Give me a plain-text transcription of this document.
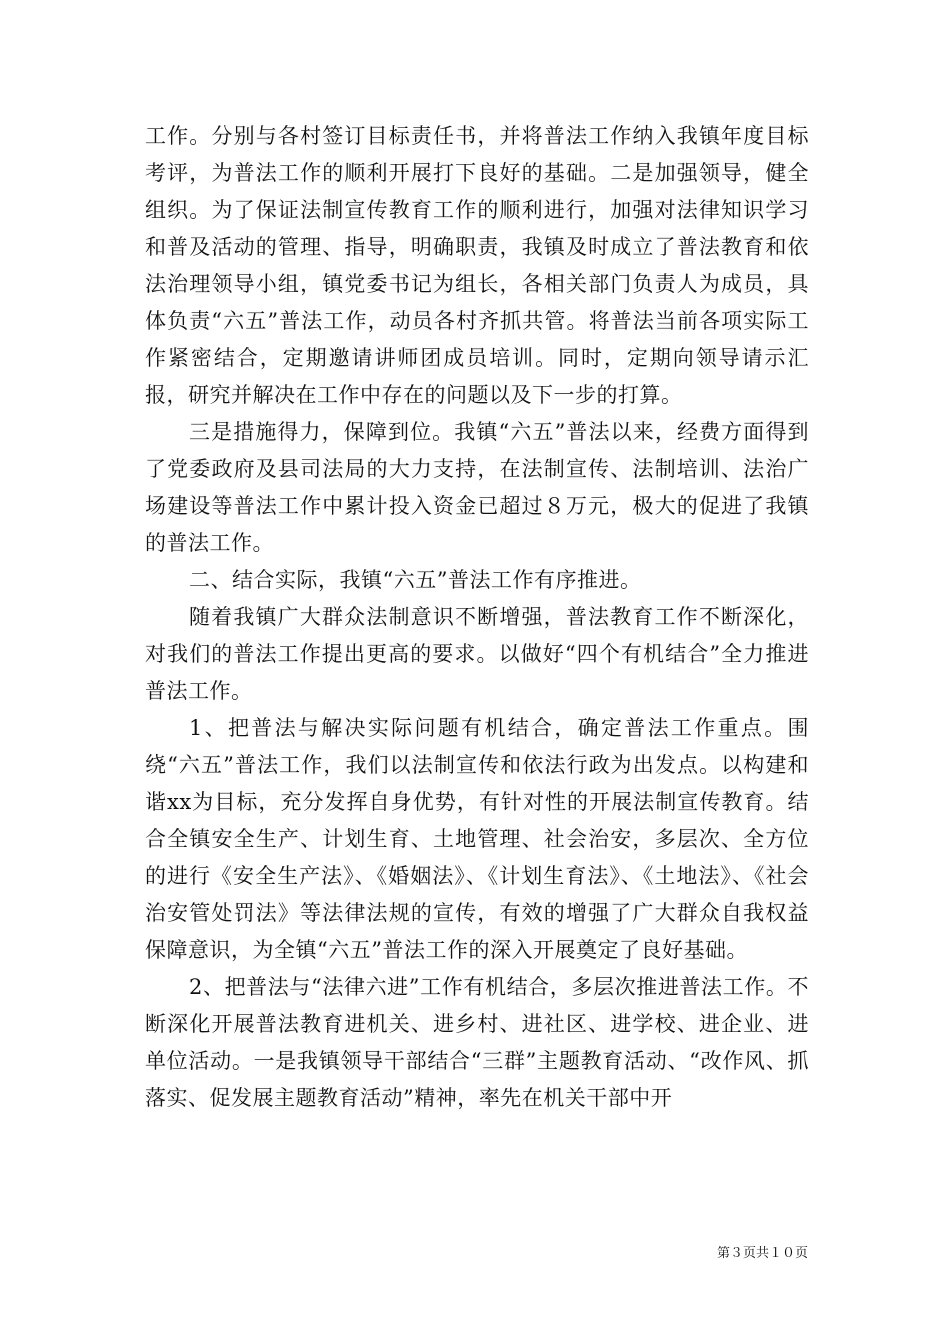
工作。分别与各村签订目标责任书，并将普法工作纳入我镇年度目标考评，为普法工作的顺利开展打下良好的基础。二是加强领导，健全组织。为了保证法制宣传教育工作的顺利进行，加强对法律知识学习和普及活动的管理、指导，明确职责，我镇及时成立了普法教育和依法治理领导小组，镇党委书记为组长，各相关部门负责人为成员，具体负责“六五”普法工作，动员各村齐抓共管。将普法当前各项实际工作紧密结合，定期邀请讲师团成员培训。同时，定期向领导请示汇报，研究并解决在工作中存在的问题以及下一步的打算。

三是措施得力，保障到位。我镇“六五”普法以来，经费方面得到了党委政府及县司法局的大力支持，在法制宣传、法制培训、法治广场建设等普法工作中累计投入资金已超过８万元，极大的促进了我镇的普法工作。

二、结合实际，我镇“六五”普法工作有序推进。

随着我镇广大群众法制意识不断增强，普法教育工作不断深化，对我们的普法工作提出更高的要求。以做好“四个有机结合”全力推进普法工作。

1、把普法与解决实际问题有机结合，确定普法工作重点。围绕“六五”普法工作，我们以法制宣传和依法行政为出发点。以构建和谐xx为目标，充分发挥自身优势，有针对性的开展法制宣传教育。结合全镇安全生产、计划生育、土地管理、社会治安，多层次、全方位的进行《安全生产法》、《婚姻法》、《计划生育法》、《土地法》、《社会治安管处罚法》等法律法规的宣传，有效的增强了广大群众自我权益保障意识，为全镇“六五”普法工作的深入开展奠定了良好基础。

2、把普法与“法律六进”工作有机结合，多层次推进普法工作。不断深化开展普法教育进机关、进乡村、进社区、进学校、进企业、进单位活动。一是我镇领导干部结合“三群”主题教育活动、“改作风、抓落实、促发展主题教育活动”精神，率先在机关干部中开

第３页共１０页
